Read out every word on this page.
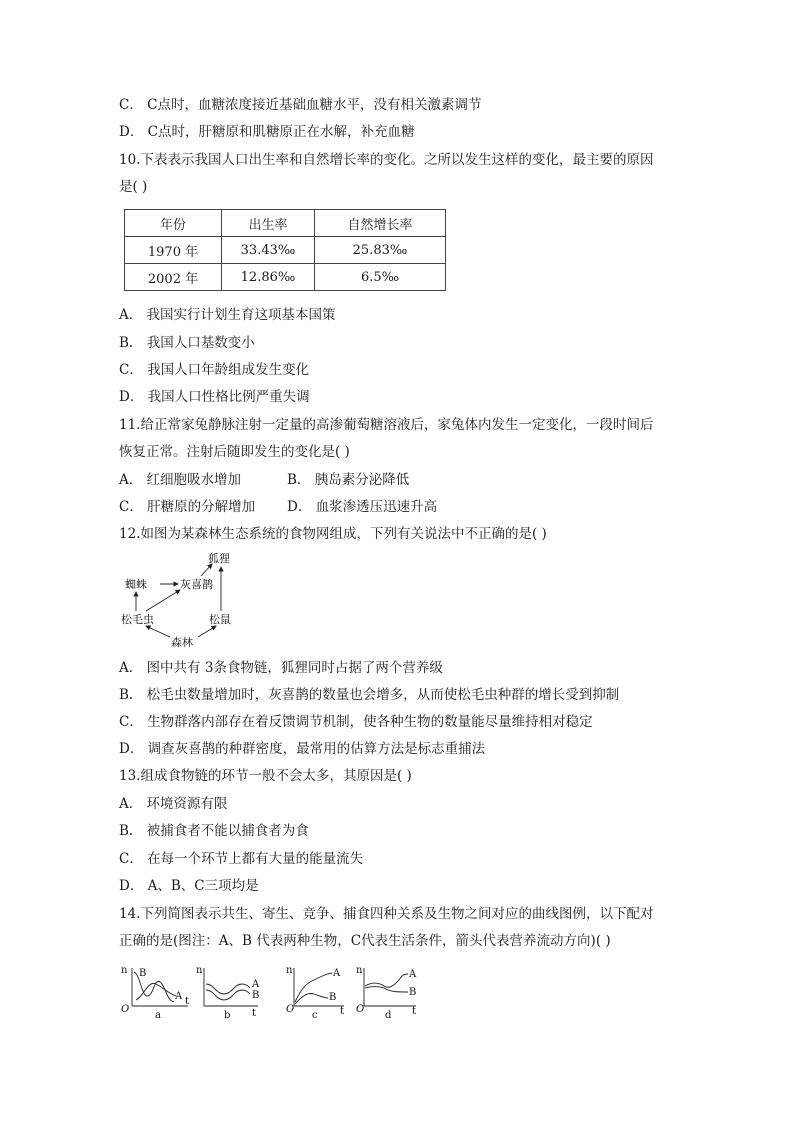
C． C点时，血糖浓度接近基础血糖水平，没有相关激素调节
D． C点时，肝糖原和肌糖原正在水解，补充血糖
10.下表表示我国人口出生率和自然增长率的变化。之所以发生这样的变化，最主要的原因
是( )
年份	出生率	自然增长率
1970 年	33.43‰	25.83‰
2002 年	12.86‰	6.5‰
A． 我国实行计划生育这项基本国策
B． 我国人口基数变小
C． 我国人口年龄组成发生变化
D． 我国人口性格比例严重失调
11.给正常家兔静脉注射一定量的高渗葡萄糖溶液后，家兔体内发生一定变化，一段时间后
恢复正常。注射后随即发生的变化是( )
A． 红细胞吸水增加	B． 胰岛素分泌降低
C． 肝糖原的分解增加 D． 血浆渗透压迅速升高
12.如图为某森林生态系统的食物网组成，下列有关说法中不正确的是( )
狐狸
蜘蛛	灰喜鹊
松毛虫	松鼠
森林
A． 图中共有 3条食物链，狐狸同时占据了两个营养级
B． 松毛虫数量增加时，灰喜鹊的数量也会增多，从而使松毛虫种群的增长受到抑制
C． 生物群落内部存在着反馈调节机制，使各种生物的数量能尽量维持相对稳定
D． 调查灰喜鹊的种群密度，最常用的估算方法是标志重捕法
13.组成食物链的环节一般不会太多，其原因是( )
A． 环境资源有限
B． 被捕食者不能以捕食者为食
C． 在每一个环节上都有大量的能量流失
D． A、B、C三项均是
14.下列简图表示共生、寄生、竞争、捕食四种关系及生物之间对应的曲线图例，以下配对
正确的是(图注：A、B 代表两种生物，C代表生活条件，箭头代表营养流动方向)( )
n
t
O
B
A
a
n
t
A
B
b
n
t
O
A
B
c
n
t
O
A
B
d
